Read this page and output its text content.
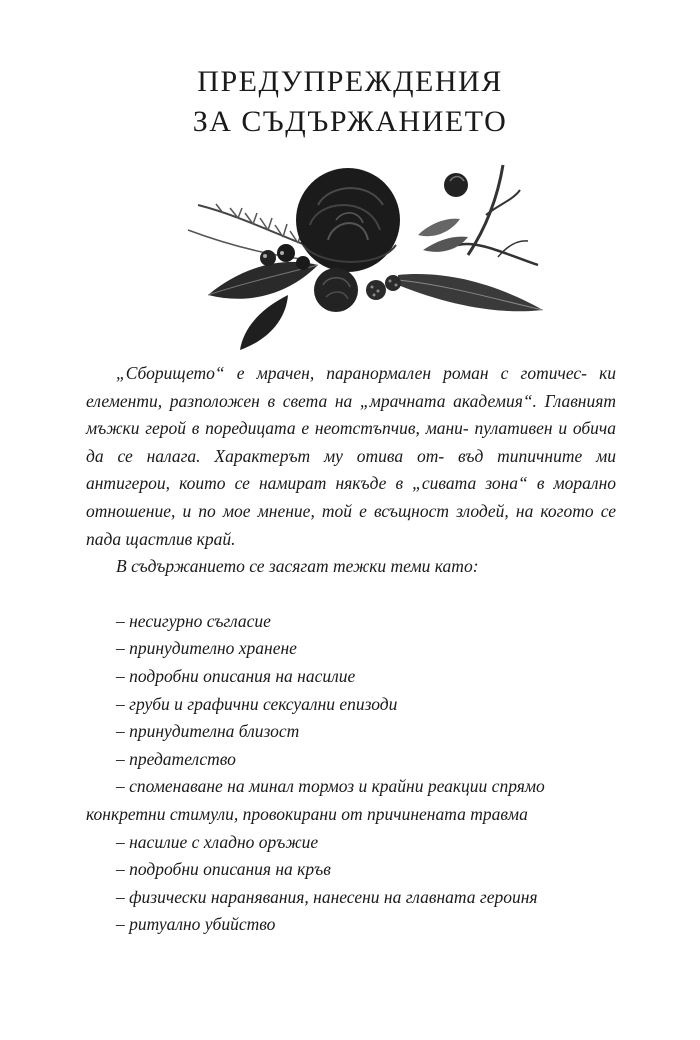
ПРЕДУПРЕЖДЕНИЯ
ЗА СЪДЪРЖАНИЕТО

„Сборището“ е мрачен, паранормален роман с готичес- ки елементи, разположен в света на „мрачната академия“. Главният мъжки герой в поредицата е неотстъпчив, мани- пулативен и обича да се налага. Характерът му отива от- въд типичните ми антигерои, които се намират някъде в „сивата зона“ в морално отношение, и по мое мнение, той е всъщност злодей, на когото се пада щастлив край.

В съдържанието се засягат тежки теми като:

– несигурно съгласие

– принудително хранене

– подробни описания на насилие

– груби и графични сексуални епизоди

– принудителна близост

– предателство

– споменаване на минал тормоз и крайни реакции спрямо

конкретни стимули, провокирани от причинената травма

– насилие с хладно оръжие

– подробни описания на кръв

– физически наранявания, нанесени на главната героиня

– ритуално убийство
